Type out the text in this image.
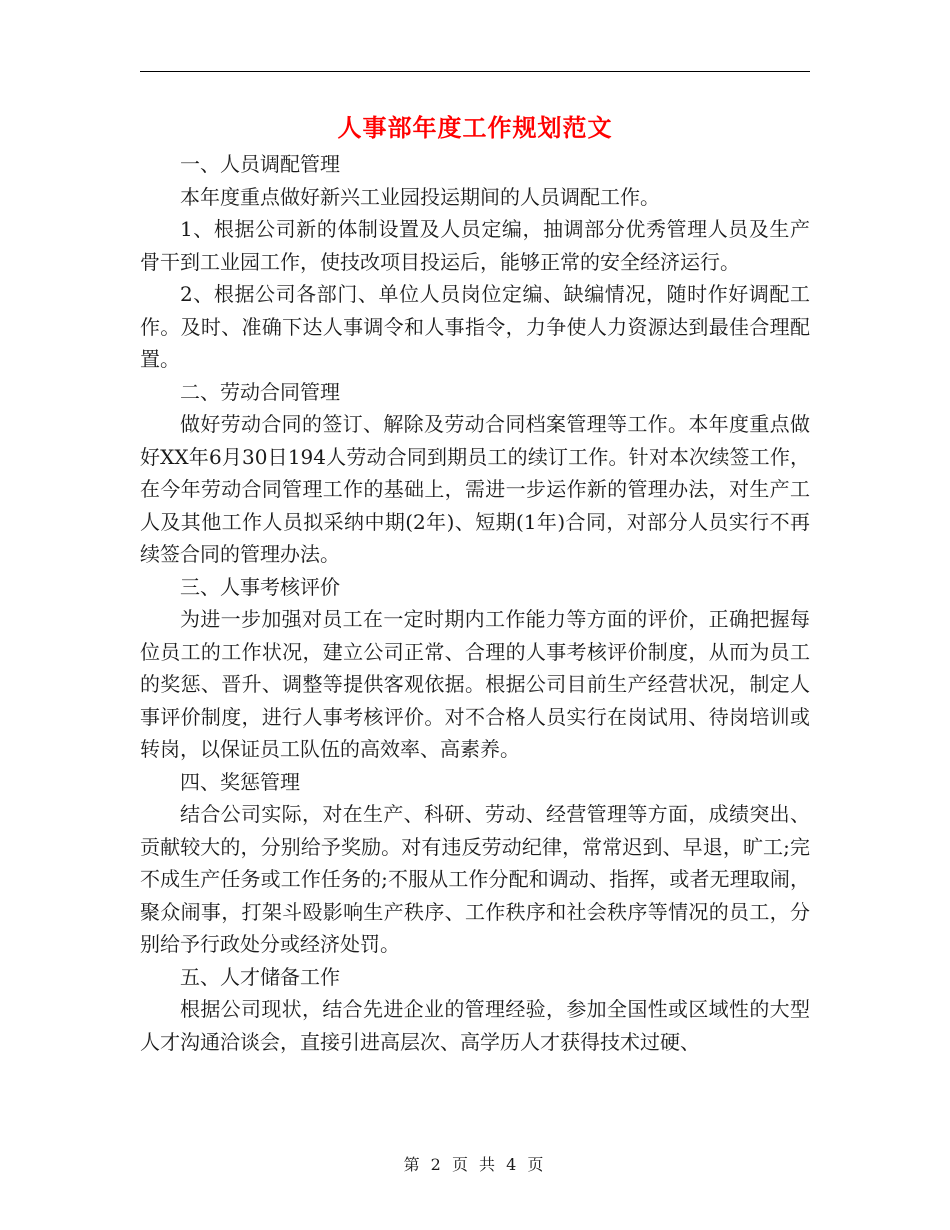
人事部年度工作规划范文

一、人员调配管理

本年度重点做好新兴工业园投运期间的人员调配工作。

1、根据公司新的体制设置及人员定编，抽调部分优秀管理人员及生产骨干到工业园工作，使技改项目投运后，能够正常的安全经济运行。

2、根据公司各部门、单位人员岗位定编、缺编情况，随时作好调配工作。及时、准确下达人事调令和人事指令，力争使人力资源达到最佳合理配置。

二、劳动合同管理

做好劳动合同的签订、解除及劳动合同档案管理等工作。本年度重点做好XX年6月30日194人劳动合同到期员工的续订工作。针对本次续签工作，在今年劳动合同管理工作的基础上，需进一步运作新的管理办法，对生产工人及其他工作人员拟采纳中期(2年)、短期(1年)合同，对部分人员实行不再续签合同的管理办法。

三、人事考核评价

为进一步加强对员工在一定时期内工作能力等方面的评价，正确把握每位员工的工作状况，建立公司正常、合理的人事考核评价制度，从而为员工的奖惩、晋升、调整等提供客观依据。根据公司目前生产经营状况，制定人事评价制度，进行人事考核评价。对不合格人员实行在岗试用、待岗培训或转岗，以保证员工队伍的高效率、高素养。

四、奖惩管理

结合公司实际，对在生产、科研、劳动、经营管理等方面，成绩突出、贡献较大的，分别给予奖励。对有违反劳动纪律，常常迟到、早退，旷工;完不成生产任务或工作任务的;不服从工作分配和调动、指挥，或者无理取闹，聚众闹事，打架斗殴影响生产秩序、工作秩序和社会秩序等情况的员工，分别给予行政处分或经济处罚。

五、人才储备工作

根据公司现状，结合先进企业的管理经验，参加全国性或区域性的大型人才沟通洽谈会，直接引进高层次、高学历人才获得技术过硬、

第 2 页 共 4 页
